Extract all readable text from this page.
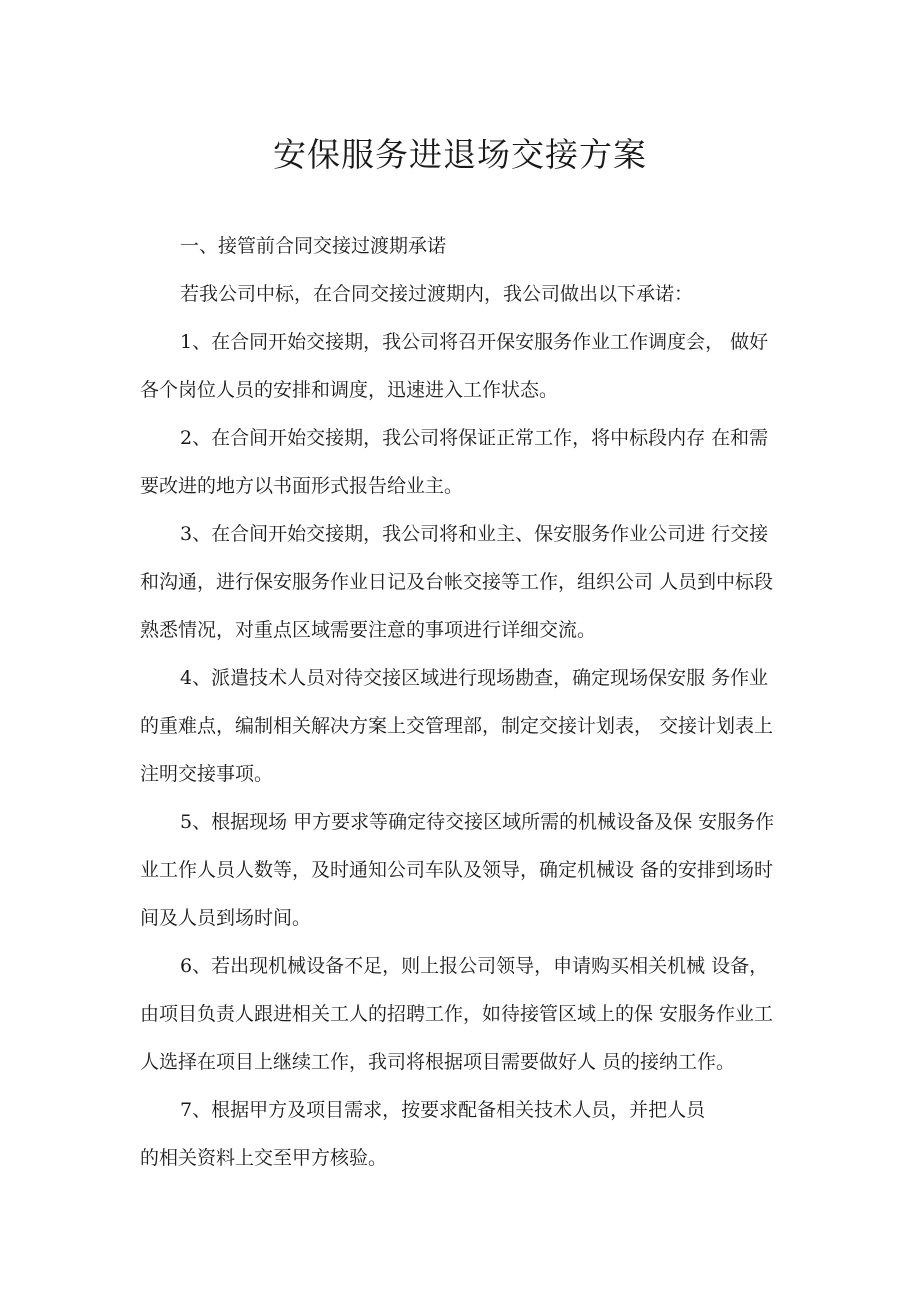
安保服务进退场交接方案
一、接管前合同交接过渡期承诺
若我公司中标，在合同交接过渡期内，我公司做出以下承诺：
1、在合同开始交接期，我公司将召开保安服务作业工作调度会， 做好
各个岗位人员的安排和调度，迅速进入工作状态。
2、在合间开始交接期，我公司将保证正常工作，将中标段内存 在和需
要改进的地方以书面形式报告给业主。
3、在合间开始交接期，我公司将和业主、保安服务作业公司进 行交接
和沟通，进行保安服务作业日记及台帐交接等工作，组织公司 人员到中标段
熟悉情况，对重点区域需要注意的事项进行详细交流。
4、派遣技术人员对待交接区域进行现场勘查，确定现场保安服 务作业
的重难点，编制相关解决方案上交管理部，制定交接计划表， 交接计划表上
注明交接事项。
5、根据现场 甲方要求等确定待交接区域所需的机械设备及保 安服务作
业工作人员人数等，及时通知公司车队及领导，确定机械设 备的安排到场时
间及人员到场时间。
6、若出现机械设备不足，则上报公司领导，申请购买相关机械 设备，
由项目负责人跟进相关工人的招聘工作，如待接管区域上的保 安服务作业工
人选择在项目上继续工作，我司将根据项目需要做好人 员的接纳工作。
7、根据甲方及项目需求，按要求配备相关技术人员，并把人员
的相关资料上交至甲方核验。
